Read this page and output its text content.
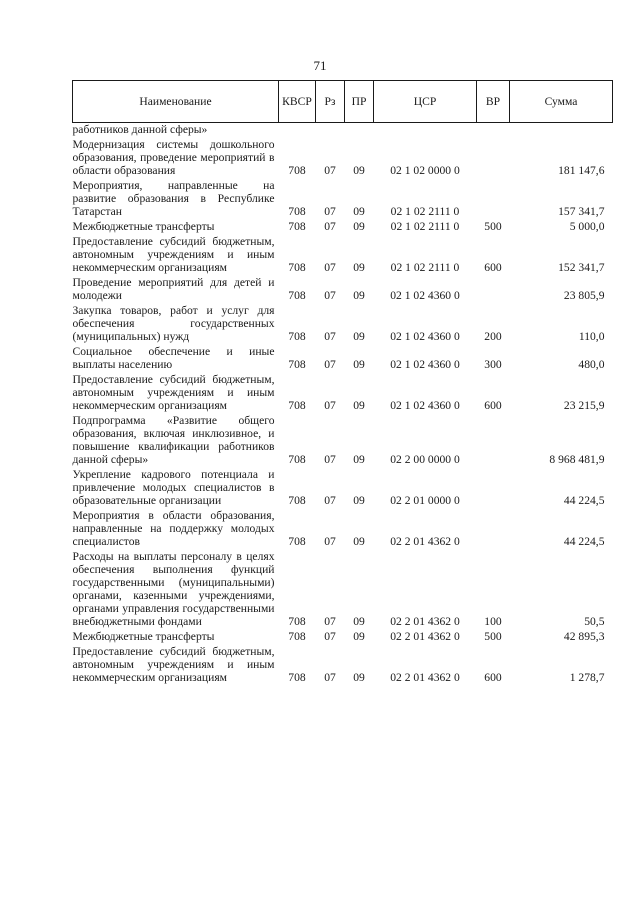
71
Наименование	КВСР	Рз	ПР	ЦСР	ВР	Сумма
работников данной сферы»						
Модернизация системы дошкольного образования, проведение мероприятий в области образования	708	07	09	02 1 02 0000 0		181 147,6
Мероприятия, направленные на развитие образования в Республике Татарстан	708	07	09	02 1 02 2111 0		157 341,7
Межбюджетные трансферты	708	07	09	02 1 02 2111 0	500	5 000,0
Предоставление субсидий бюджетным, автономным учреждениям и иным некоммерческим организациям	708	07	09	02 1 02 2111 0	600	152 341,7
Проведение мероприятий для детей и молодежи	708	07	09	02 1 02 4360 0		23 805,9
Закупка товаров, работ и услуг для обеспечения государственных (муниципальных) нужд	708	07	09	02 1 02 4360 0	200	110,0
Социальное обеспечение и иные выплаты населению	708	07	09	02 1 02 4360 0	300	480,0
Предоставление субсидий бюджетным, автономным учреждениям и иным некоммерческим организациям	708	07	09	02 1 02 4360 0	600	23 215,9
Подпрограмма «Развитие общего образования, включая инклюзивное, и повышение квалификации работников данной сферы»	708	07	09	02 2 00 0000 0		8 968 481,9
Укрепление кадрового потенциала и привлечение молодых специалистов в образовательные организации	708	07	09	02 2 01 0000 0		44 224,5
Мероприятия в области образования, направленные на поддержку молодых специалистов	708	07	09	02 2 01 4362 0		44 224,5
Расходы на выплаты персоналу в целях обеспечения выполнения функций государственными (муниципальными) органами, казенными учреждениями, органами управления государственными внебюджетными фондами	708	07	09	02 2 01 4362 0	100	50,5
Межбюджетные трансферты	708	07	09	02 2 01 4362 0	500	42 895,3
Предоставление субсидий бюджетным, автономным учреждениям и иным некоммерческим организациям	708	07	09	02 2 01 4362 0	600	1 278,7
